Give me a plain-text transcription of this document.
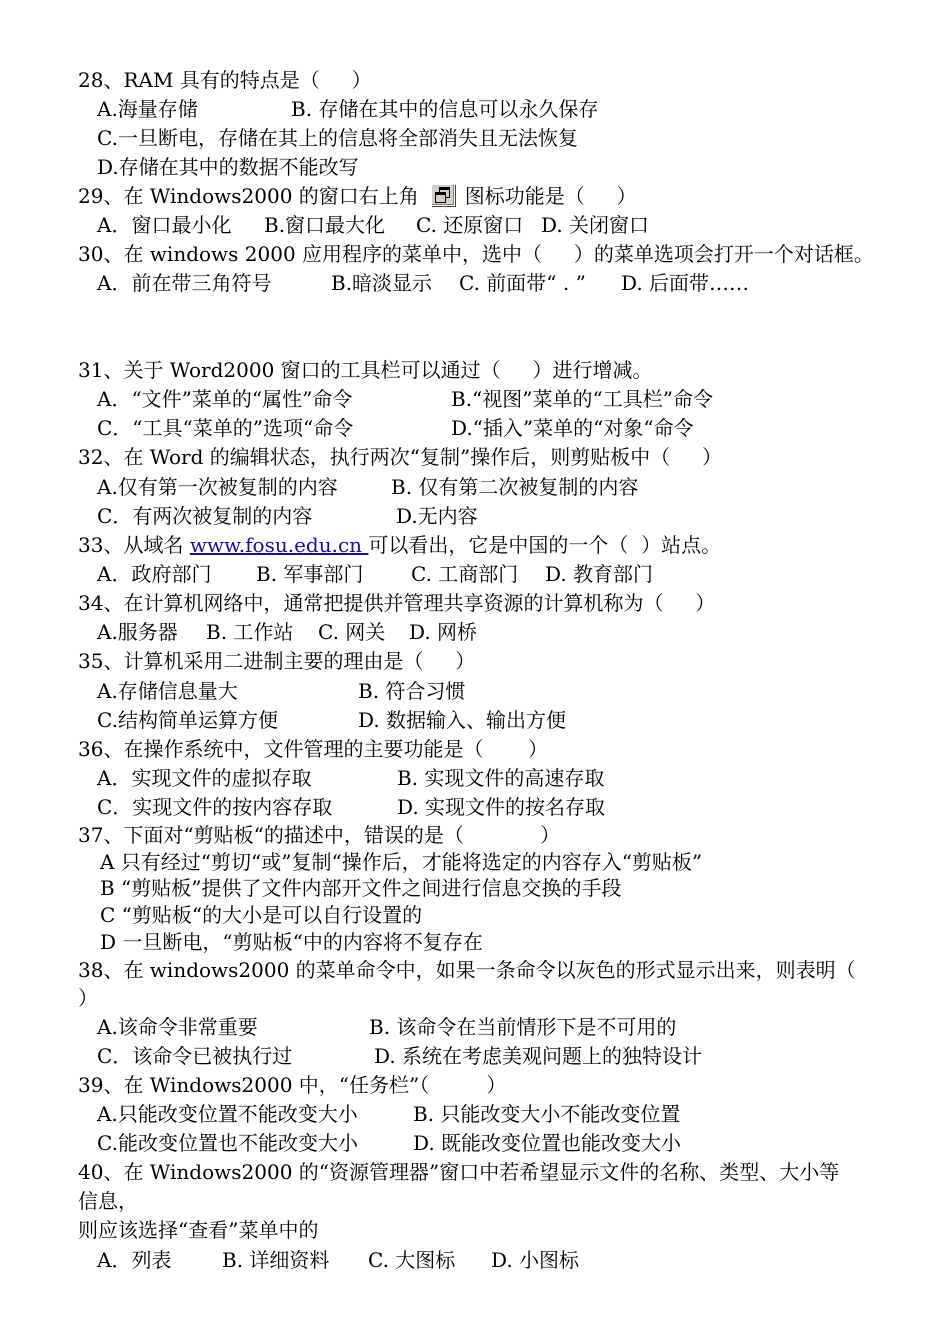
28、RAM 具有的特点是（     ）
A.海量存储	B. 存储在其中的信息可以永久保存
C.一旦断电，存储在其上的信息将全部消失且无法恢复
D.存储在其中的数据不能改写
29、在 Windows2000 的窗口右上角 图标功能是（     ）
A．窗口最小化 B.窗口最大化 C. 还原窗口 D. 关闭窗口
30、在 windows 2000 应用程序的菜单中，选中（     ）的菜单选项会打开一个对话框。
A．前在带三角符号	B.暗淡显示 C. 前面带“ . ” D. 后面带……
31、关于 Word2000 窗口的工具栏可以通过（     ）进行增减。
A．“文件”菜单的“属性”命令	B.“视图”菜单的“工具栏”命令
C．“工具“菜单的”选项“命令	D.“插入”菜单的“对象“命令
32、在 Word 的编辑状态，执行两次“复制”操作后，则剪贴板中（     ）
A.仅有第一次被复制的内容	B. 仅有第二次被复制的内容
C．有两次被复制的内容	D.无内容
33、从域名 www.fosu.edu.cn 可以看出，它是中国的一个（  ）站点。
A．政府部门 B. 军事部门 C. 工商部门 D. 教育部门
34、在计算机网络中，通常把提供并管理共享资源的计算机称为（     ）
A.服务器 B. 工作站 C. 网关 D. 网桥
35、计算机采用二进制主要的理由是（     ）
A.存储信息量大	B. 符合习惯
C.结构简单运算方便	D. 数据输入、输出方便
36、在操作系统中，文件管理的主要功能是（       ）
A．实现文件的虚拟存取	B. 实现文件的高速存取
C．实现文件的按内容存取	D. 实现文件的按名存取
37、下面对“剪贴板“的描述中，错误的是（            ）
A 只有经过“剪切“或”复制“操作后，才能将选定的内容存入“剪贴板”
B “剪贴板”提供了文件内部开文件之间进行信息交换的手段
C “剪贴板“的大小是可以自行设置的
D 一旦断电，“剪贴板“中的内容将不复存在
38、在 windows2000 的菜单命令中，如果一条命令以灰色的形式显示出来，则表明（
）
A.该命令非常重要	B. 该命令在当前情形下是不可用的
C．该命令已被执行过	D. 系统在考虑美观问题上的独特设计
39、在 Windows2000 中，“任务栏”（         ）
A.只能改变位置不能改变大小	B. 只能改变大小不能改变位置
C.能改变位置也不能改变大小	D. 既能改变位置也能改变大小
40、在 Windows2000 的“资源管理器”窗口中若希望显示文件的名称、类型、大小等
信息，
则应该选择“查看”菜单中的
A．列表	B. 详细资料 C. 大图标 D. 小图标
